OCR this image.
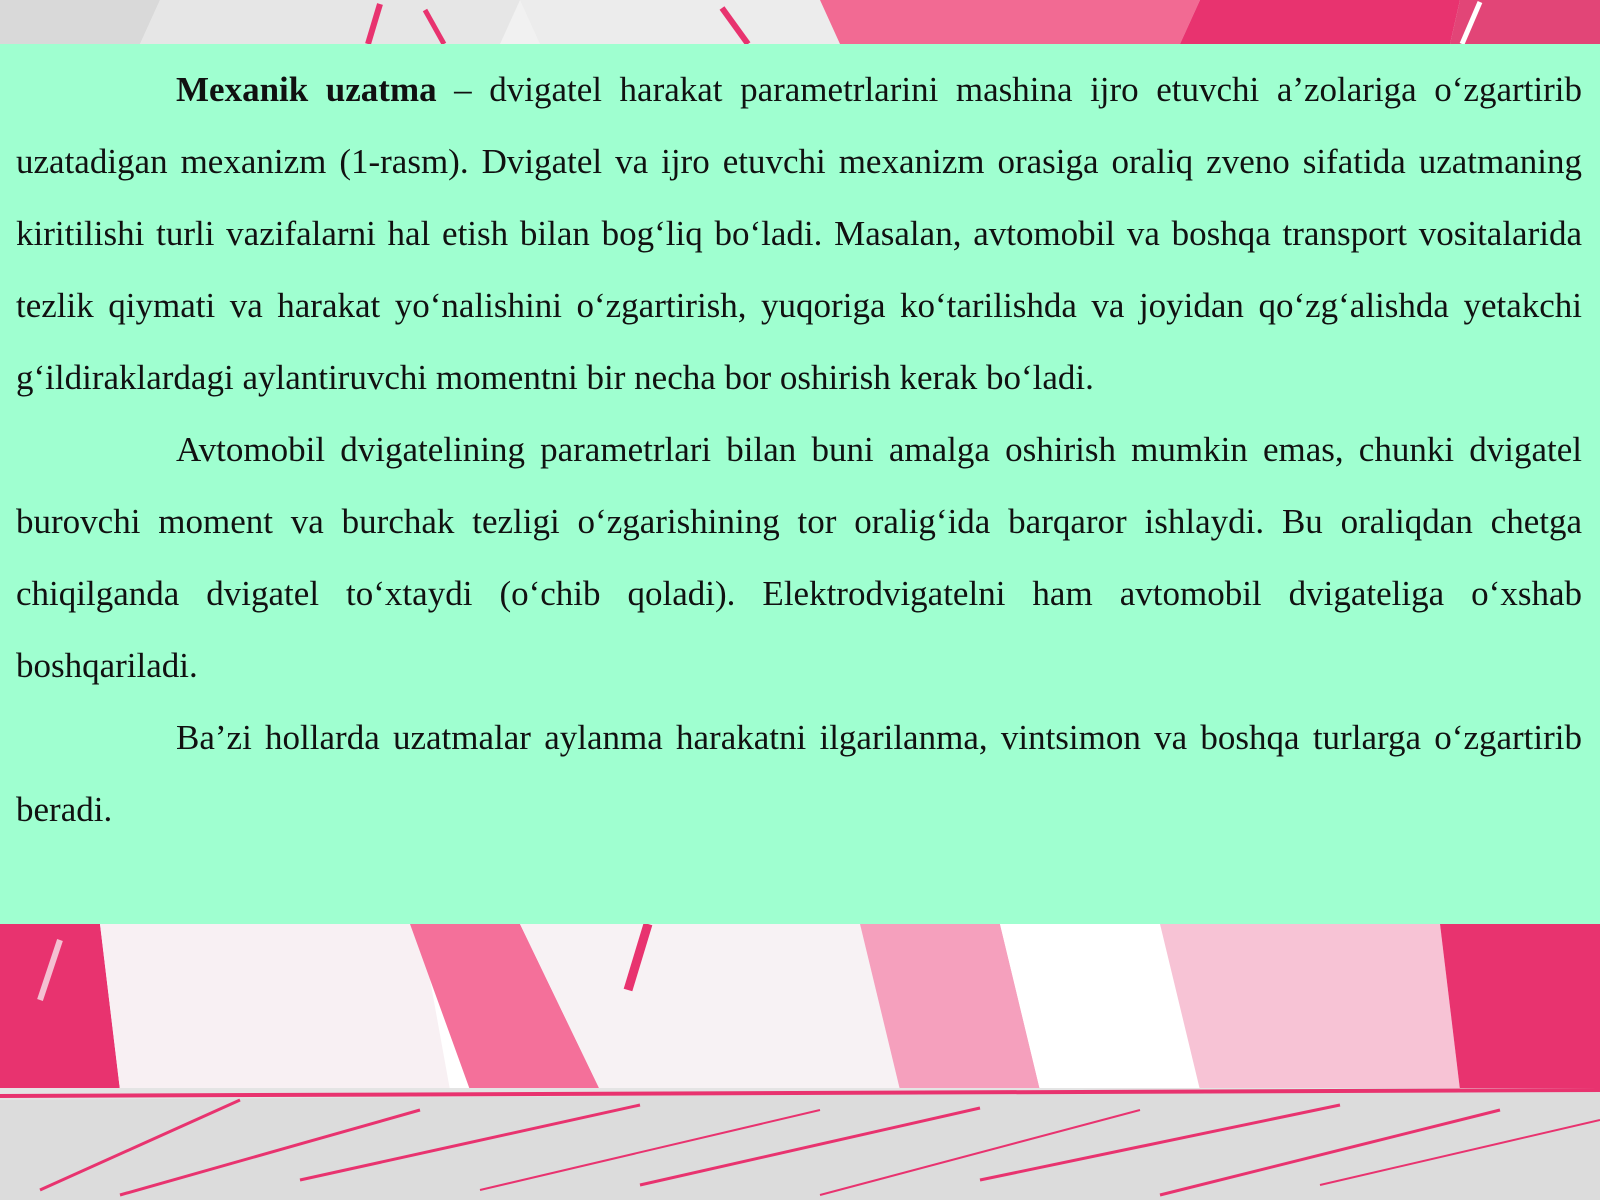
Mexanik uzatma – dvigatel harakat parametrlarini mashina ijro etuvchi a’zolariga o‘zgartirib uzatadigan mexanizm (1-rasm). Dvigatel va ijro etuvchi mexanizm orasiga oraliq zveno sifatida uzatmaning kiritilishi turli vazifalarni hal etish bilan bog‘liq bo‘ladi. Masalan, avtomobil va boshqa transport vositalarida tezlik qiymati va harakat yo‘nalishini o‘zgartirish, yuqoriga ko‘tarilishda va joyidan qo‘zg‘alishda yetakchi g‘ildiraklardagi aylantiruvchi momentni bir necha bor oshirish kerak bo‘ladi.

Avtomobil dvigatelining parametrlari bilan buni amalga oshirish mumkin emas, chunki dvigatel burovchi moment va burchak tezligi o‘zgarishining tor oralig‘ida barqaror ishlaydi. Bu oraliqdan chetga chiqilganda dvigatel to‘xtaydi (o‘chib qoladi). Elektrodvigatelni ham avtomobil dvigateliga o‘xshab boshqariladi.

Ba’zi hollarda uzatmalar aylanma harakatni ilgarilanma, vintsimon va boshqa turlarga o‘zgartirib beradi.
